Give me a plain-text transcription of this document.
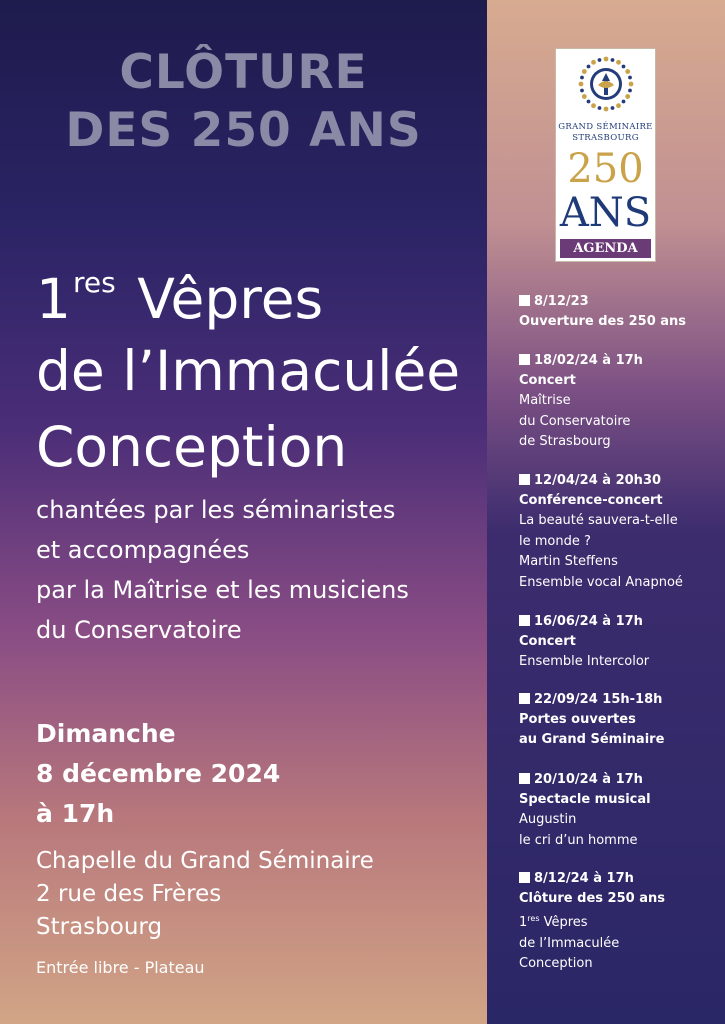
CLÔTURE
DES 250 ANS
1res Vêpres
de l’Immaculée
Conception
chantées par les séminaristes
et accompagnées
par la Maîtrise et les musiciens
du Conservatoire
Dimanche
8 décembre 2024
à 17h
Chapelle du Grand Séminaire
2 rue des Frères
Strasbourg
Entrée libre - Plateau
GRAND SÉMINAIRE
STRASBOURG
250
ANS
AGENDA
8/12/23
Ouverture des 250 ans
18/02/24 à 17h
Concert
Maîtrise
du Conservatoire
de Strasbourg
12/04/24 à 20h30
Conférence-concert
La beauté sauvera-t-elle
le monde ?
Martin Steffens
Ensemble vocal Anapnoé
16/06/24 à 17h
Concert
Ensemble Intercolor
22/09/24 15h-18h
Portes ouvertes
au Grand Séminaire
20/10/24 à 17h
Spectacle musical
Augustin
le cri d’un homme
8/12/24 à 17h
Clôture des 250 ans
1res Vêpres
de l’Immaculée
Conception
